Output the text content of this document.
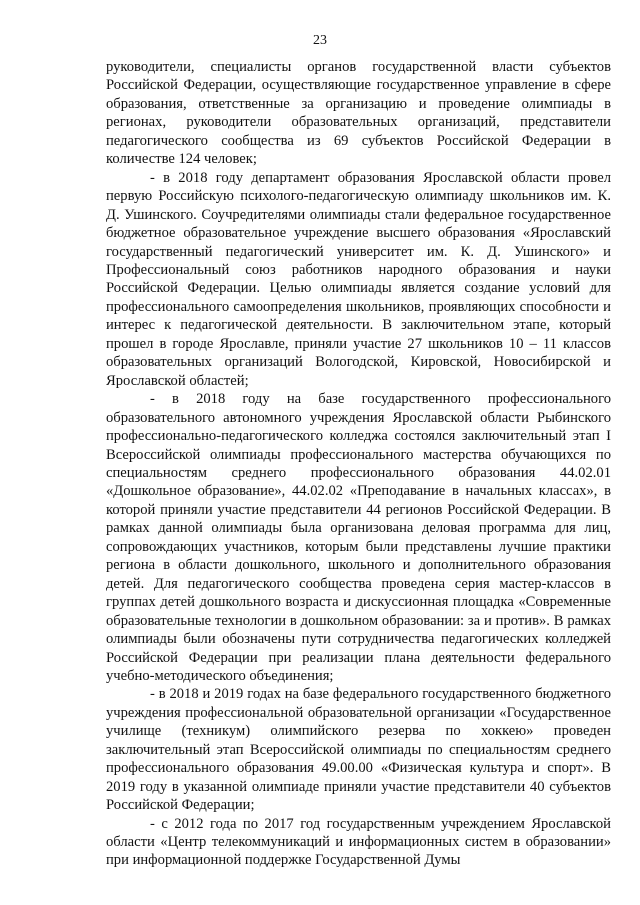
23

руководители, специалисты органов государственной власти субъектов Российской Федерации, осуществляющие государственное управление в сфере образования, ответственные за организацию и проведение олимпиады в регионах, руководители образовательных организаций, представители педагогического сообщества из 69 субъектов Российской Федерации в количестве 124 человек;

- в 2018 году департамент образования Ярославской области провел первую Российскую психолого-педагогическую олимпиаду школьников им. К. Д. Ушинского. Соучредителями олимпиады стали федеральное государственное бюджетное образовательное учреждение высшего образования «Ярославский государственный педагогический университет им. К. Д. Ушинского» и Профессиональный союз работников народного образования и науки Российской Федерации. Целью олимпиады является создание условий для профессионального самоопределения школьников, проявляющих способности и интерес к педагогической деятельности. В заключительном этапе, который прошел в городе Ярославле, приняли участие 27 школьников 10 – 11 классов образовательных организаций Вологодской, Кировской, Новосибирской и Ярославской областей;

- в 2018 году на базе государственного профессионального образовательного автономного учреждения Ярославской области Рыбинского профессионально-педагогического колледжа состоялся заключительный этап I Всероссийской олимпиады профессионального мастерства обучающихся по специальностям среднего профессионального образования 44.02.01 «Дошкольное образование», 44.02.02 «Преподавание в начальных классах», в которой приняли участие представители 44 регионов Российской Федерации. В рамках данной олимпиады была организована деловая программа для лиц, сопровождающих участников, которым были представлены лучшие практики региона в области дошкольного, школьного и дополнительного образования детей. Для педагогического сообщества проведена серия мастер-классов в группах детей дошкольного возраста и дискуссионная площадка «Современные образовательные технологии в дошкольном образовании: за и против». В рамках олимпиады были обозначены пути сотрудничества педагогических колледжей Российской Федерации при реализации плана деятельности федерального учебно-методического объединения;

- в 2018 и 2019 годах на базе федерального государственного бюджетного учреждения профессиональной образовательной организации «Государственное училище (техникум) олимпийского резерва по хоккею» проведен заключительный этап Всероссийской олимпиады по специальностям среднего профессионального образования 49.00.00 «Физическая культура и спорт». В 2019 году в указанной олимпиаде приняли участие представители 40 субъектов Российской Федерации;

- с 2012 года по 2017 год государственным учреждением Ярославской области «Центр телекоммуникаций и информационных систем в образовании» при информационной поддержке Государственной Думы
